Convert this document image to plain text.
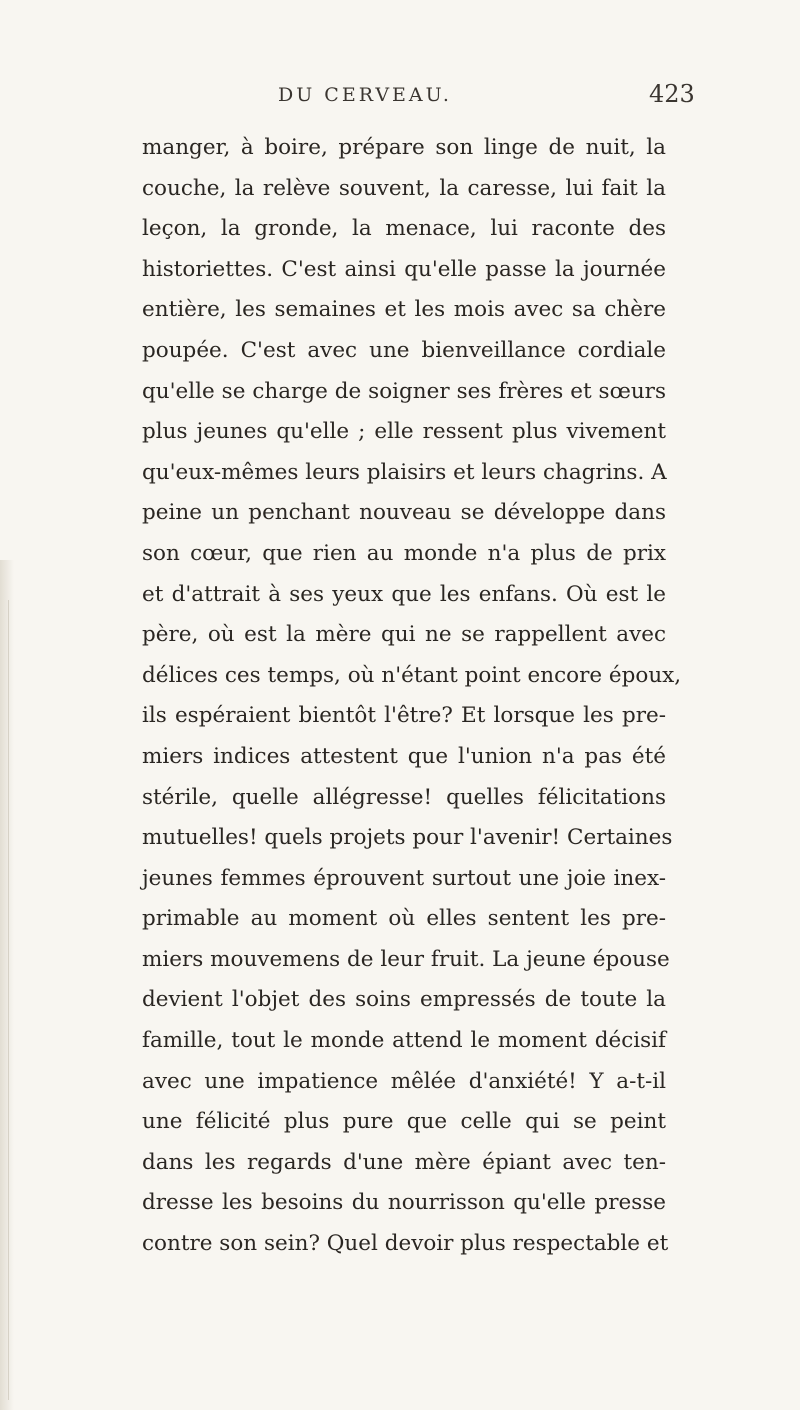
DU CERVEAU.	423
manger, à boire, prépare son linge de nuit, la
couche, la relève souvent, la caresse, lui fait la
leçon, la gronde, la menace, lui raconte des
historiettes. C'est ainsi qu'elle passe la journée
entière, les semaines et les mois avec sa chère
poupée. C'est avec une bienveillance cordiale
qu'elle se charge de soigner ses frères et sœurs
plus jeunes qu'elle ; elle ressent plus vivement
qu'eux-mêmes leurs plaisirs et leurs chagrins. A
peine un penchant nouveau se développe dans
son cœur, que rien au monde n'a plus de prix
et d'attrait à ses yeux que les enfans. Où est le
père, où est la mère qui ne se rappellent avec
délices ces temps, où n'étant point encore époux,
ils espéraient bientôt l'être? Et lorsque les pre-
miers indices attestent que l'union n'a pas été
stérile, quelle allégresse! quelles félicitations
mutuelles! quels projets pour l'avenir! Certaines
jeunes femmes éprouvent surtout une joie inex-
primable au moment où elles sentent les pre-
miers mouvemens de leur fruit. La jeune épouse
devient l'objet des soins empressés de toute la
famille, tout le monde attend le moment décisif
avec une impatience mêlée d'anxiété! Y a-t-il
une félicité plus pure que celle qui se peint
dans les regards d'une mère épiant avec ten-
dresse les besoins du nourrisson qu'elle presse
contre son sein? Quel devoir plus respectable et
